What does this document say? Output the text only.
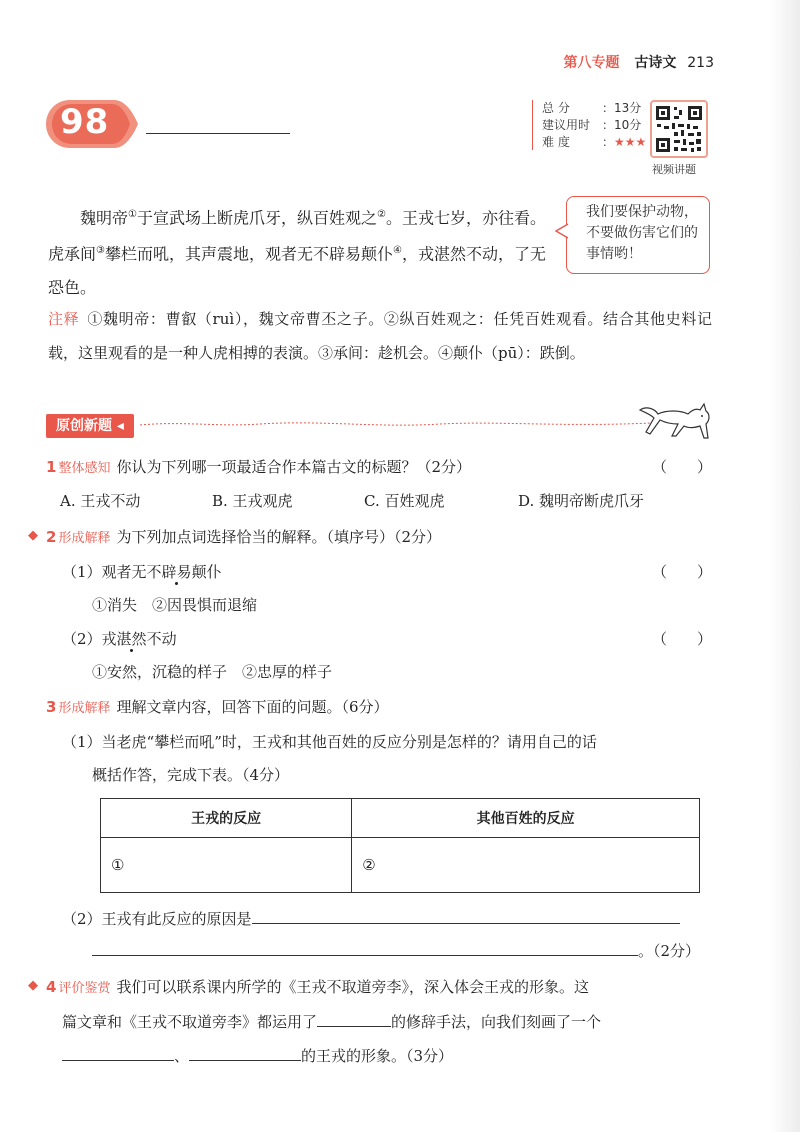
第八专题 古诗文 213
98	总 分	： 13分
建议用时 ： 10分
难 度	： ★★★
视频讲题
　　魏明帝①于宣武场上断虎爪牙，纵百姓观之②。王戎七岁，亦往看。虎承间③攀栏而吼，其声震地，观者无不辟易颠仆④，戎湛然不动，了无恐色。
我们要保护动物，不要做伤害它们的事情哟！
注释 ①魏明帝：曹叡（ruì），魏文帝曹丕之子。②纵百姓观之：任凭百姓观看。结合其他史料记载，这里观看的是一种人虎相搏的表演。③承间：趁机会。④颠仆（pū）：跌倒。
原创新题 ◂
1 整体感知 你认为下列哪一项最适合作本篇古文的标题？（2分）	（　　）
A. 王戎不动	B. 王戎观虎	C. 百姓观虎	D. 魏明帝断虎爪牙
◆ 2 形成解释 为下列加点词选择恰当的解释。（填序号）（2分）
（1）观者无不辟易颠仆	（　　）
①消失　②因畏惧而退缩
（2）戎湛然不动	（　　）
①安然，沉稳的样子　②忠厚的样子
3 形成解释 理解文章内容，回答下面的问题。（6分）
（1）当老虎“攀栏而吼”时，王戎和其他百姓的反应分别是怎样的？请用自己的话
概括作答，完成下表。（4分）
王戎的反应	其他百姓的反应
①	②
（2）王戎有此反应的原因是
。（2分）
◆ 4 评价鉴赏 我们可以联系课内所学的《王戎不取道旁李》，深入体会王戎的形象。这
篇文章和《王戎不取道旁李》都运用了	的修辞手法，向我们刻画了一个
、	的王戎的形象。（3分）
